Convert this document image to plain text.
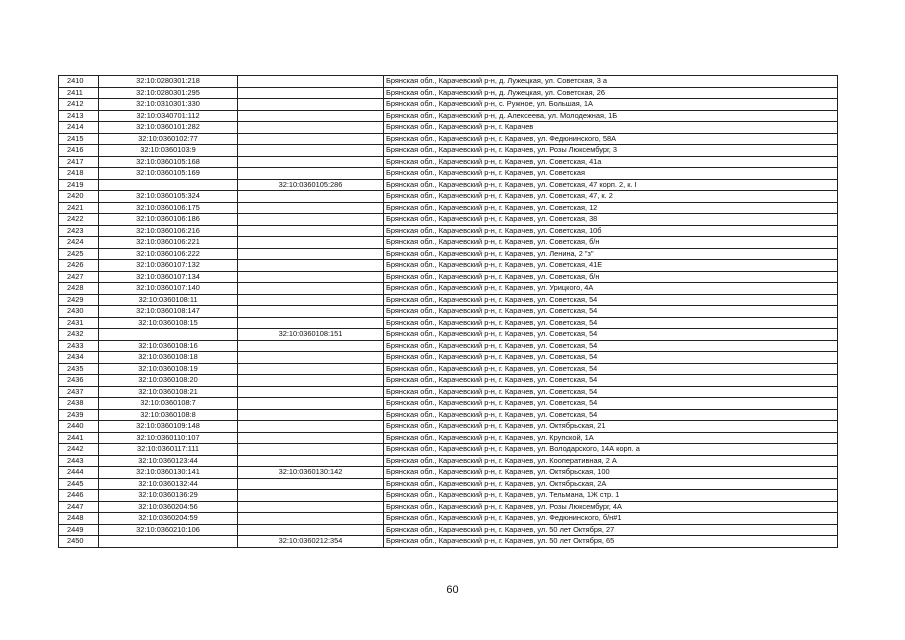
2410	32:10:0280301:218		Брянская обл., Карачевский р-н, д. Лужецкая, ул. Советская, 3 а
2411	32:10:0280301:295		Брянская обл., Карачевский р-н, д. Лужецкая, ул. Советская, 26
2412	32:10:0310301:330		Брянская обл., Карачевский р-н, с. Ружное, ул. Большая, 1А
2413	32:10:0340701:112		Брянская обл., Карачевский р-н, д. Алексеева, ул. Молодежная, 1Б
2414	32:10:0360101:282		Брянская обл., Карачевский р-н, г. Карачев
2415	32:10:0360102:77		Брянская обл., Карачевский р-н, г. Карачев, ул. Федюнинского, 58А
2416	32:10:0360103:9		Брянская обл., Карачевский р-н, г. Карачев, ул. Розы Люксембург, 3
2417	32:10:0360105:168		Брянская обл., Карачевский р-н, г. Карачев, ул. Советская, 41а
2418	32:10:0360105:169		Брянская обл., Карачевский р-н, г. Карачев, ул. Советская
2419		32:10:0360105:286	Брянская обл., Карачевский р-н, г. Карачев, ул. Советская, 47 корп. 2, к. I
2420	32:10:0360105:324		Брянская обл., Карачевский р-н, г. Карачев, ул. Советская, 47, к. 2
2421	32:10:0360106:175		Брянская обл., Карачевский р-н, г. Карачев, ул. Советская, 12
2422	32:10:0360106:186		Брянская обл., Карачевский р-н, г. Карачев, ул. Советская, 38
2423	32:10:0360106:216		Брянская обл., Карачевский р-н, г. Карачев, ул. Советская, 10б
2424	32:10:0360106:221		Брянская обл., Карачевский р-н, г. Карачев, ул. Советская, б/н
2425	32:10:0360106:222		Брянская обл., Карачевский р-н, г. Карачев, ул. Ленина, 2 "з"
2426	32:10:0360107:132		Брянская обл., Карачевский р-н, г. Карачев, ул. Советская, 41Е
2427	32:10:0360107:134		Брянская обл., Карачевский р-н, г. Карачев, ул. Советская, б/н
2428	32:10:0360107:140		Брянская обл., Карачевский р-н, г. Карачев, ул. Урицкого, 4А
2429	32:10:0360108:11		Брянская обл., Карачевский р-н, г. Карачев, ул. Советская, 54
2430	32:10:0360108:147		Брянская обл., Карачевский р-н, г. Карачев, ул. Советская, 54
2431	32:10:0360108:15		Брянская обл., Карачевский р-н, г. Карачев, ул. Советская, 54
2432		32:10:0360108:151	Брянская обл., Карачевский р-н, г. Карачев, ул. Советская, 54
2433	32:10:0360108:16		Брянская обл., Карачевский р-н, г. Карачев, ул. Советская, 54
2434	32:10:0360108:18		Брянская обл., Карачевский р-н, г. Карачев, ул. Советская, 54
2435	32:10:0360108:19		Брянская обл., Карачевский р-н, г. Карачев, ул. Советская, 54
2436	32:10:0360108:20		Брянская обл., Карачевский р-н, г. Карачев, ул. Советская, 54
2437	32:10:0360108:21		Брянская обл., Карачевский р-н, г. Карачев, ул. Советская, 54
2438	32:10:0360108:7		Брянская обл., Карачевский р-н, г. Карачев, ул. Советская, 54
2439	32:10:0360108:8		Брянская обл., Карачевский р-н, г. Карачев, ул. Советская, 54
2440	32:10:0360109:148		Брянская обл., Карачевский р-н, г. Карачев, ул. Октябрьская, 21
2441	32:10:0360110:107		Брянская обл., Карачевский р-н, г. Карачев, ул. Крупской, 1А
2442	32:10:0360117:111		Брянская обл., Карачевский р-н, г. Карачев, ул. Володарского, 14А корп. а
2443	32:10:0360123:44		Брянская обл., Карачевский р-н, г. Карачев, ул. Кооперативная, 2 А
2444	32:10:0360130:141	32:10:0360130:142	Брянская обл., Карачевский р-н, г. Карачев, ул. Октябрьская, 100
2445	32:10:0360132:44		Брянская обл., Карачевский р-н, г. Карачев, ул. Октябрьская, 2А
2446	32:10:0360136:29		Брянская обл., Карачевский р-н, г. Карачев, ул. Тельмана, 1Ж стр. 1
2447	32:10:0360204:56		Брянская обл., Карачевский р-н, г. Карачев, ул. Розы Люксембург, 4А
2448	32:10:0360204:59		Брянская обл., Карачевский р-н, г. Карачев, ул. Федюнинского, б/н#1
2449	32:10:0360210:106		Брянская обл., Карачевский р-н, г. Карачев, ул. 50 лет Октября, 27
2450		32:10:0360212:354	Брянская обл., Карачевский р-н, г. Карачев, ул. 50 лет Октября, 65
60
